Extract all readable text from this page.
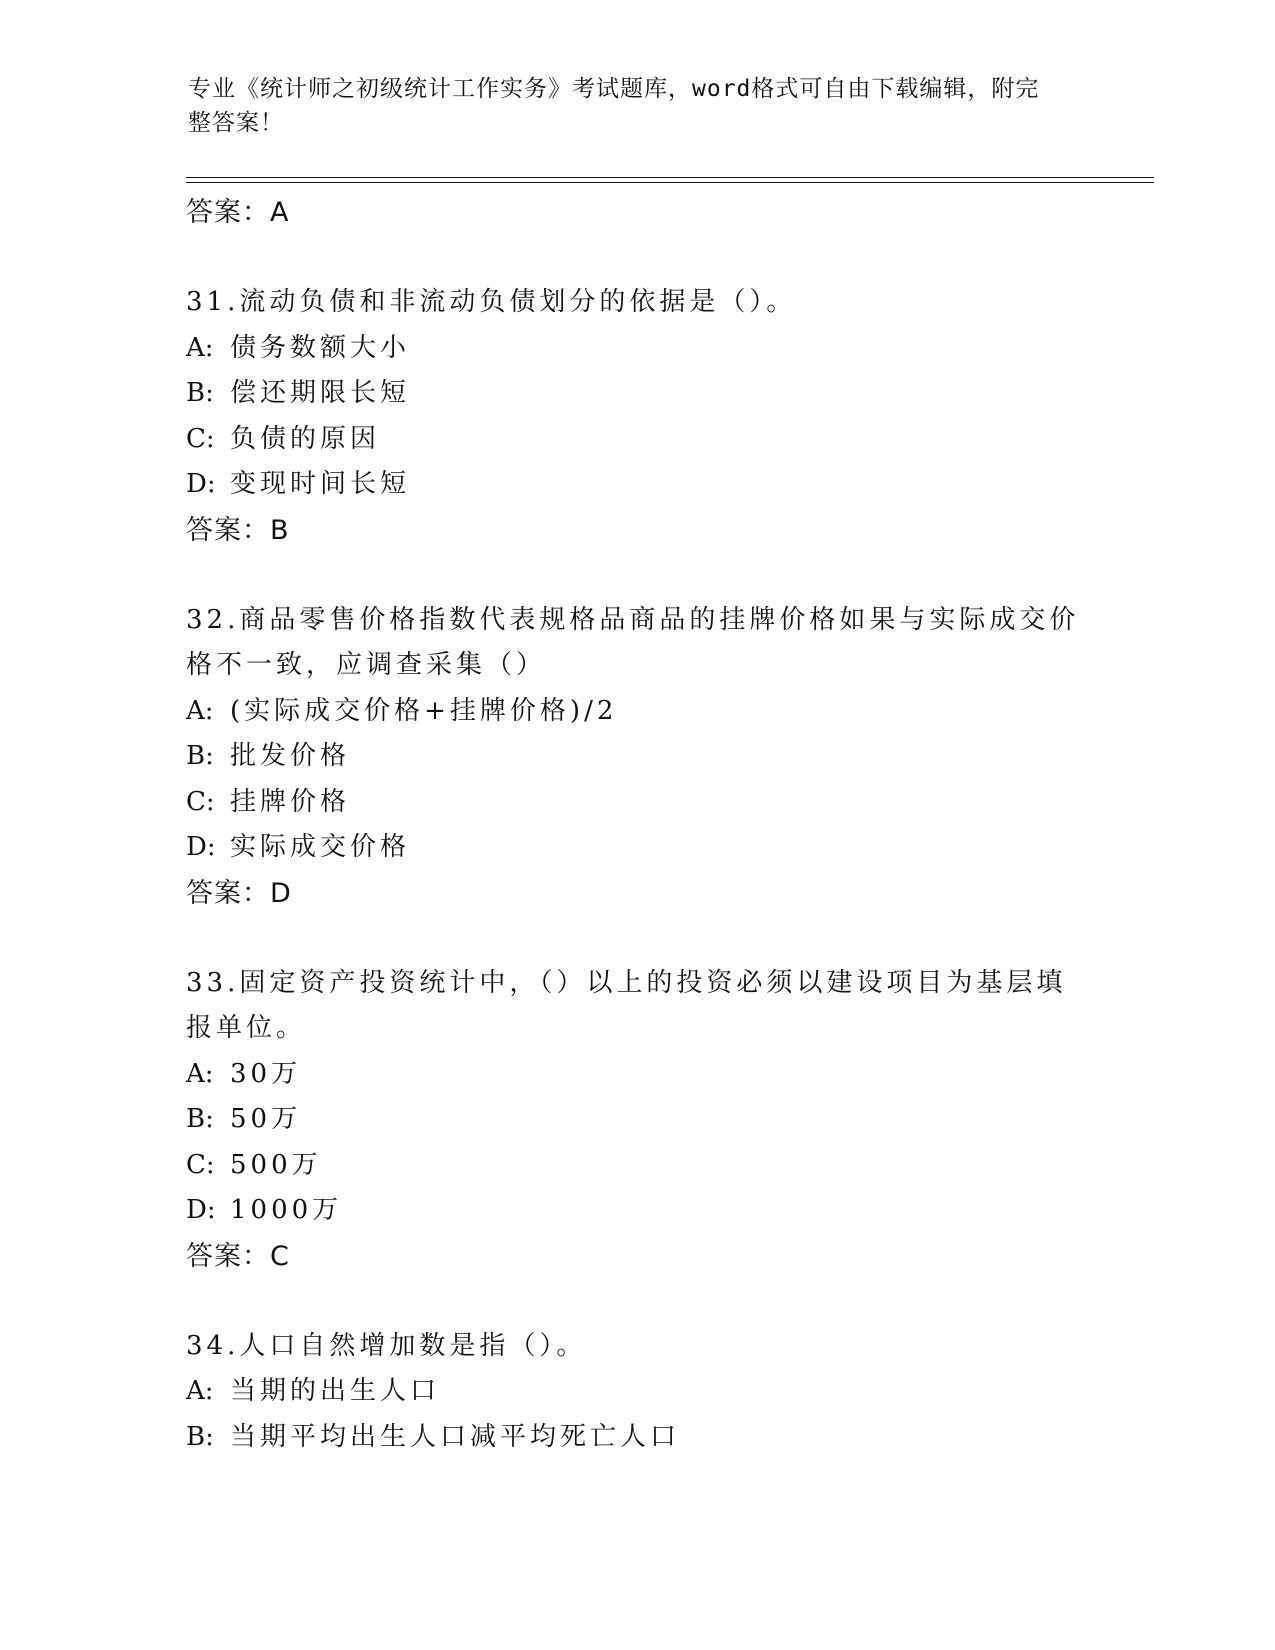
专业《统计师之初级统计工作实务》考试题库，word格式可自由下载编辑，附完
整答案！
答案：A
31.流动负债和非流动负债划分的依据是（）。
A: 债务数额大小
B: 偿还期限长短
C: 负债的原因
D: 变现时间长短
答案：B
32.商品零售价格指数代表规格品商品的挂牌价格如果与实际成交价格不一致，应调查采集（）
A: (实际成交价格+挂牌价格)/2
B: 批发价格
C: 挂牌价格
D: 实际成交价格
答案：D
33.固定资产投资统计中，（）以上的投资必须以建设项目为基层填报单位。
A: 30万
B: 50万
C: 500万
D: 1000万
答案：C
34.人口自然增加数是指（）。
A: 当期的出生人口
B: 当期平均出生人口减平均死亡人口
